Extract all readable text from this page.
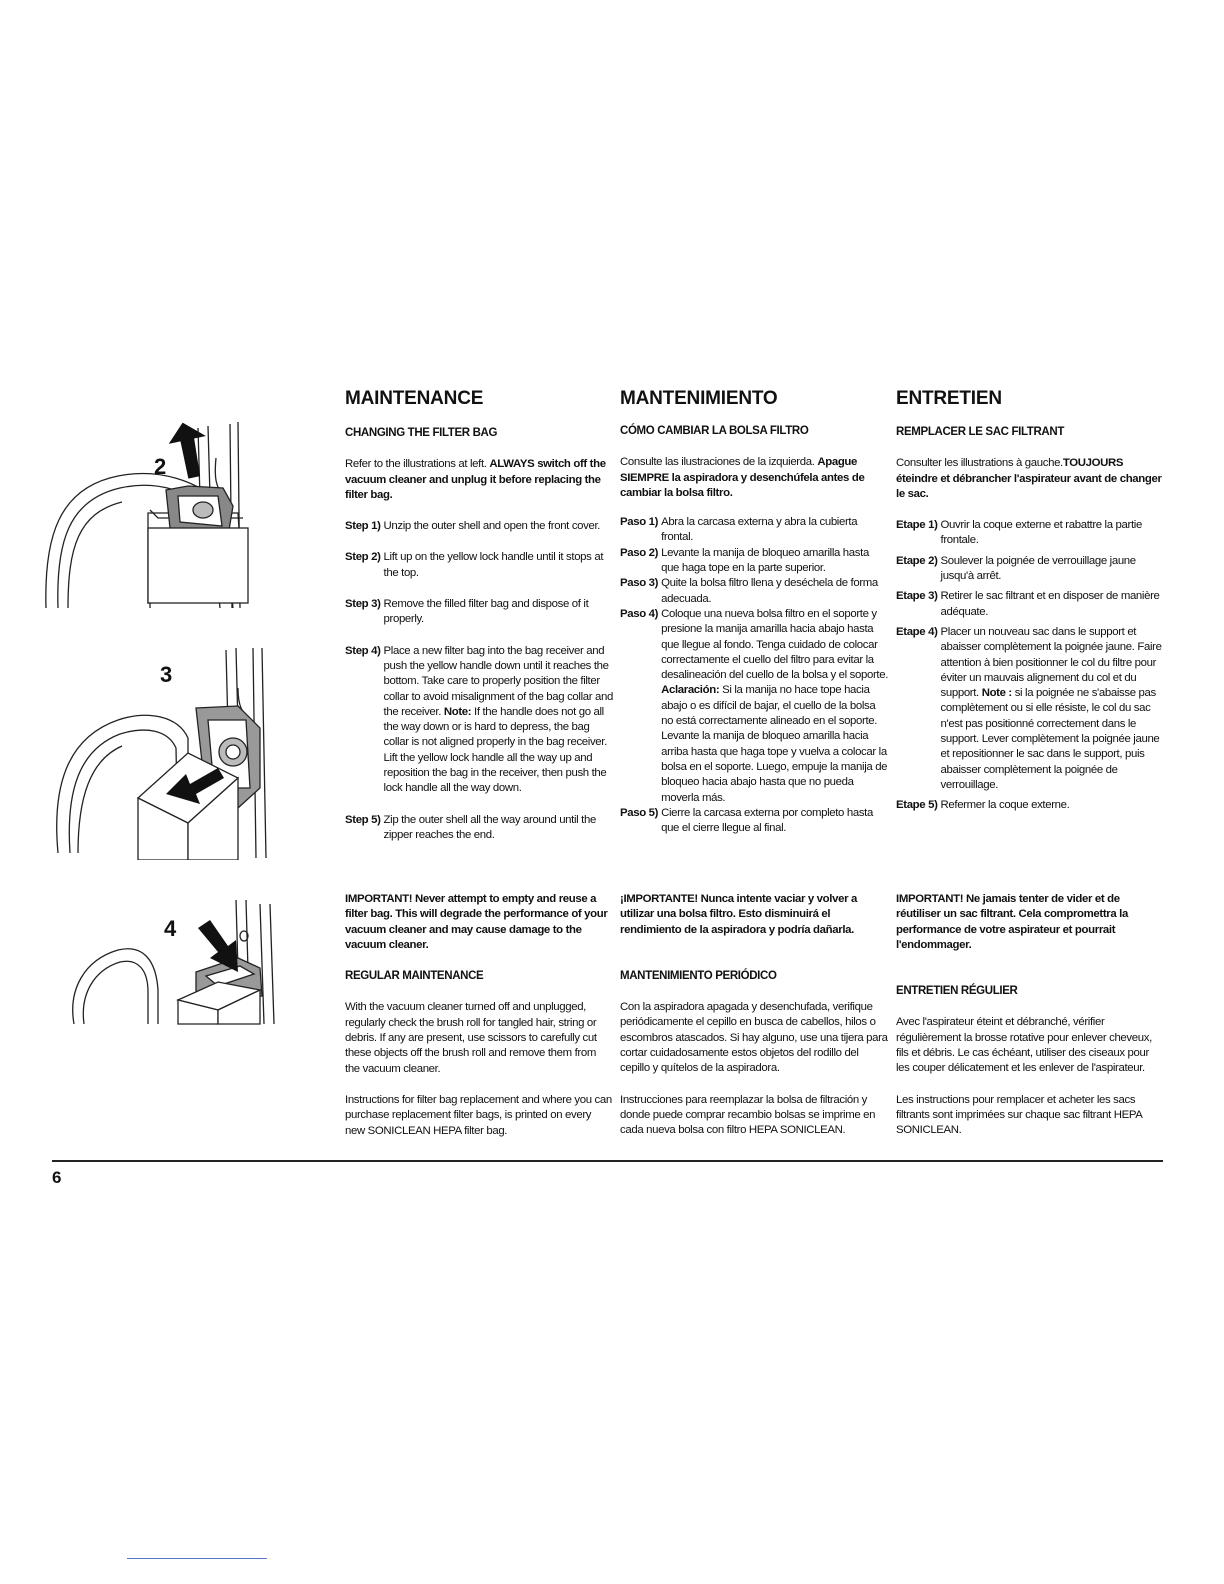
2
3
4
MAINTENANCE

CHANGING THE FILTER BAG

Refer to the illustrations at left. ALWAYS switch off the vacuum cleaner and unplug it before replacing the filter bag.

Step 1) Unzip the outer shell and open the front cover.
Step 2) Lift up on the yellow lock handle until it stops at the top.
Step 3) Remove the filled filter bag and dispose of it properly.
Step 4) Place a new filter bag into the bag receiver and push the yellow handle down until it reaches the bottom. Take care to properly position the filter collar to avoid misalignment of the bag collar and the receiver. Note: If the handle does not go all the way down or is hard to depress, the bag collar is not aligned properly in the bag receiver. Lift the yellow lock handle all the way up and reposition the bag in the receiver, then push the lock handle all the way down.
Step 5) Zip the outer shell all the way around until the zipper reaches the end.

IMPORTANT! Never attempt to empty and reuse a filter bag. This will degrade the performance of your vacuum cleaner and may cause damage to the vacuum cleaner.

REGULAR MAINTENANCE

With the vacuum cleaner turned off and unplugged, regularly check the brush roll for tangled hair, string or debris. If any are present, use scissors to carefully cut these objects off the brush roll and remove them from the vacuum cleaner.

Instructions for filter bag replacement and where you can purchase replacement filter bags, is printed on every new SONICLEAN HEPA filter bag.

MANTENIMIENTO

CÓMO CAMBIAR LA BOLSA FILTRO

Consulte las ilustraciones de la izquierda. Apague SIEMPRE la aspiradora y desenchúfela antes de cambiar la bolsa filtro.

Paso 1) Abra la carcasa externa y abra la cubierta frontal.
Paso 2) Levante la manija de bloqueo amarilla hasta que haga tope en la parte superior.
Paso 3) Quite la bolsa filtro llena y deséchela de forma adecuada.
Paso 4) Coloque una nueva bolsa filtro en el soporte y presione la manija amarilla hacia abajo hasta que llegue al fondo. Tenga cuidado de colocar correctamente el cuello del filtro para evitar la desalineación del cuello de la bolsa y el soporte. Aclaración: Si la manija no hace tope hacia abajo o es difícil de bajar, el cuello de la bolsa no está correctamente alineado en el soporte. Levante la manija de bloqueo amarilla hacia arriba hasta que haga tope y vuelva a colocar la bolsa en el soporte. Luego, empuje la manija de bloqueo hacia abajo hasta que no pueda moverla más.
Paso 5) Cierre la carcasa externa por completo hasta que el cierre llegue al final.

¡IMPORTANTE! Nunca intente vaciar y volver a utilizar una bolsa filtro. Esto disminuirá el rendimiento de la aspiradora y podría dañarla.

MANTENIMIENTO PERIÓDICO

Con la aspiradora apagada y desenchufada, verifique periódicamente el cepillo en busca de cabellos, hilos o escombros atascados. Si hay alguno, use una tijera para cortar cuidadosamente estos objetos del rodillo del cepillo y quítelos de la aspiradora.

Instrucciones para reemplazar la bolsa de filtración y donde puede comprar recambio bolsas se imprime en cada nueva bolsa con filtro HEPA SONICLEAN.

ENTRETIEN

REMPLACER LE SAC FILTRANT

Consulter les illustrations à gauche.TOUJOURS éteindre et débrancher l'aspirateur avant de changer le sac.

Etape 1) Ouvrir la coque externe et rabattre la partie frontale.
Etape 2) Soulever la poignée de verrouillage jaune jusqu'à arrêt.
Etape 3) Retirer le sac filtrant et en disposer de manière adéquate.
Etape 4) Placer un nouveau sac dans le support et abaisser complètement la poignée jaune. Faire attention à bien positionner le col du filtre pour éviter un mauvais alignement du col et du support. Note : si la poignée ne s'abaisse pas complètement ou si elle résiste, le col du sac n'est pas positionné correctement dans le support. Lever complètement la poignée jaune et repositionner le sac dans le support, puis abaisser complètement la poignée de verrouillage.
Etape 5) Refermer la coque externe.

IMPORTANT! Ne jamais tenter de vider et de réutiliser un sac filtrant. Cela compromettra la performance de votre aspirateur et pourrait l'endommager.

ENTRETIEN RÉGULIER

Avec l'aspirateur éteint et débranché, vérifier régulièrement la brosse rotative pour enlever cheveux, fils et débris. Le cas échéant, utiliser des ciseaux pour les couper délicatement et les enlever de l'aspirateur.

Les instructions pour remplacer et acheter les sacs filtrants sont imprimées sur chaque sac filtrant HEPA SONICLEAN.

6
